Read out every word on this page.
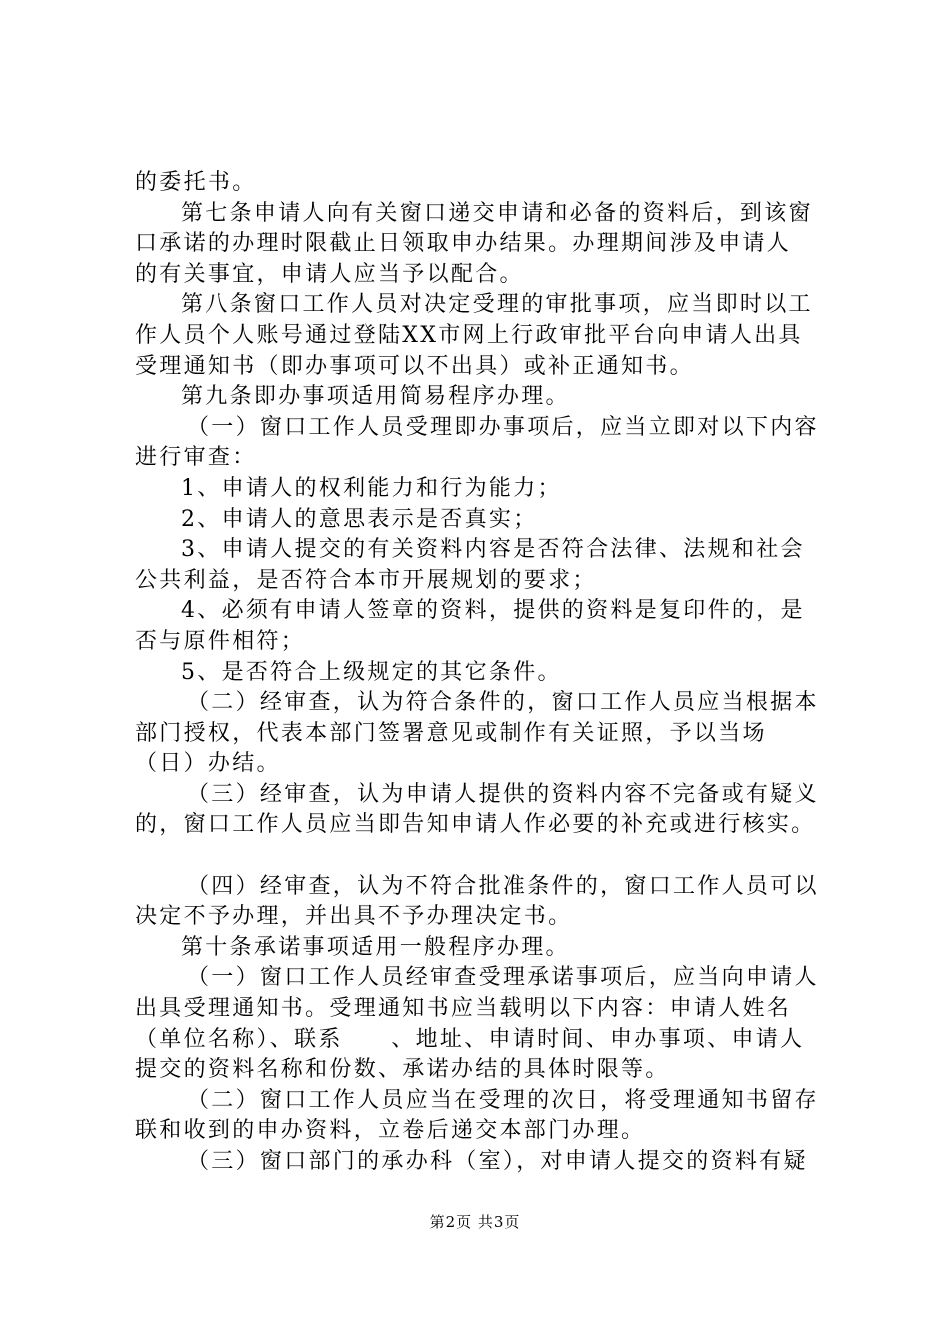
的委托书。
第七条申请人向有关窗口递交申请和必备的资料后，到该窗
口承诺的办理时限截止日领取申办结果。办理期间涉及申请人
的有关事宜，申请人应当予以配合。
第八条窗口工作人员对决定受理的审批事项，应当即时以工
作人员个人账号通过登陆XX市网上行政审批平台向申请人出具
受理通知书（即办事项可以不出具）或补正通知书。
第九条即办事项适用简易程序办理。
（一）窗口工作人员受理即办事项后，应当立即对以下内容
进行审查：
1、申请人的权利能力和行为能力；
2、申请人的意思表示是否真实；
3、申请人提交的有关资料内容是否符合法律、法规和社会
公共利益，是否符合本市开展规划的要求；
4、必须有申请人签章的资料，提供的资料是复印件的，是
否与原件相符；
5、是否符合上级规定的其它条件。
（二）经审查，认为符合条件的，窗口工作人员应当根据本
部门授权，代表本部门签署意见或制作有关证照，予以当场
（日）办结。
（三）经审查，认为申请人提供的资料内容不完备或有疑义
的，窗口工作人员应当即告知申请人作必要的补充或进行核实。
（四）经审查，认为不符合批准条件的，窗口工作人员可以
决定不予办理，并出具不予办理决定书。
第十条承诺事项适用一般程序办理。
（一）窗口工作人员经审查受理承诺事项后，应当向申请人
出具受理通知书。受理通知书应当载明以下内容：申请人姓名
（单位名称）、联系　　、地址、申请时间、申办事项、申请人
提交的资料名称和份数、承诺办结的具体时限等。
（二）窗口工作人员应当在受理的次日，将受理通知书留存
联和收到的申办资料，立卷后递交本部门办理。
（三）窗口部门的承办科（室），对申请人提交的资料有疑
第2页 共3页
